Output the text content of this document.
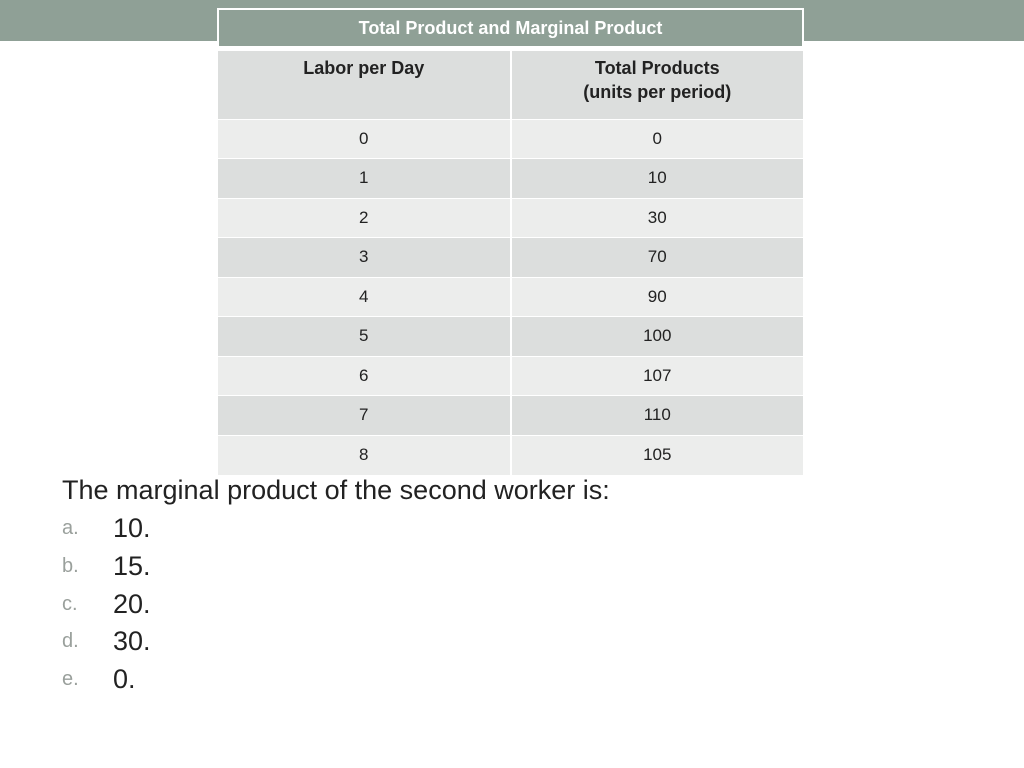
Total Product and Marginal Product	

Labor per Day	Total Products
(units per period)
0	0
1	10
2	30
3	70
4	90
5	100
6	107
7	110
8	105
The marginal product of the second worker is:
a.	10.
b.	15.
c.	20.
d.	30.
e.	0.
